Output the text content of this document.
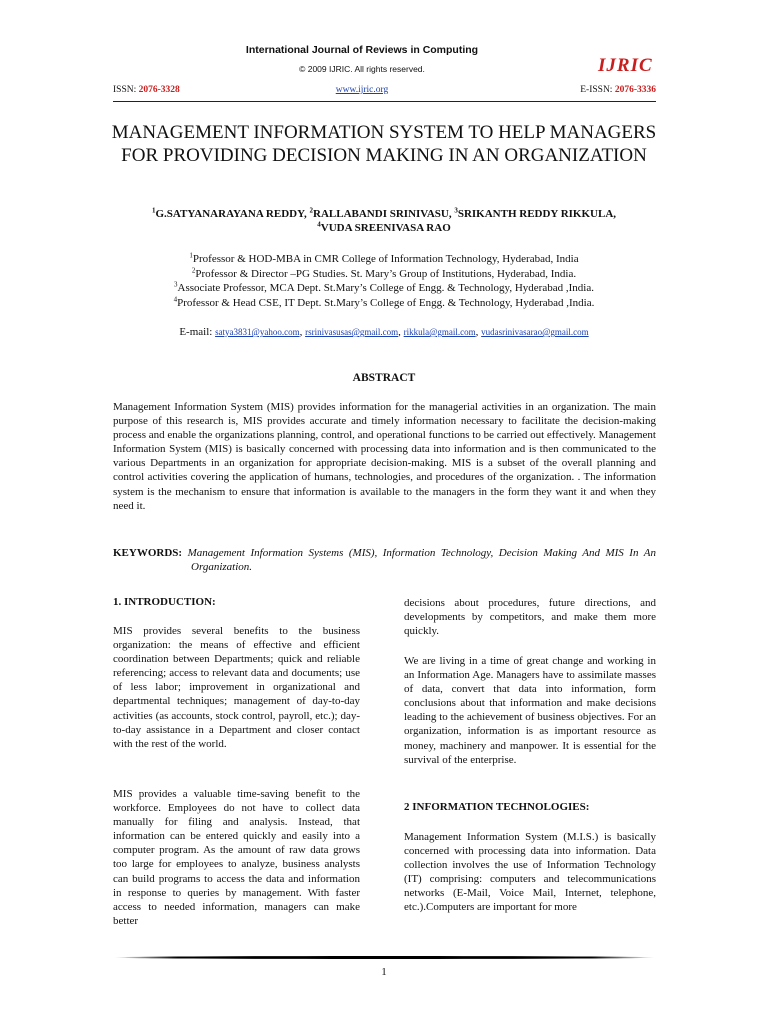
International Journal of Reviews in Computing
© 2009 IJRIC. All rights reserved.	IJRIC
ISSN: 2076-3328	www.ijric.org	E-ISSN: 2076-3336
MANAGEMENT INFORMATION SYSTEM TO HELP MANAGERS FOR PROVIDING DECISION MAKING IN AN ORGANIZATION
$^1$G.SATYANARAYANA REDDY, $^2$RALLABANDI SRINIVASU, $^3$SRIKANTH REDDY RIKKULA,
$^4$VUDA SREENIVASA RAO
$^1$Professor & HOD-MBA in CMR College of Information Technology, Hyderabad, India
$^2$Professor & Director –PG Studies. St. Mary’s Group of Institutions, Hyderabad, India.
$^3$Associate Professor, MCA Dept. St.Mary’s College of Engg. & Technology, Hyderabad ,India.
$^4$Professor & Head CSE, IT Dept. St.Mary’s College of Engg. & Technology, Hyderabad ,India.
E-mail: satya3831@yahoo.com, rsrinivasusas@gmail.com, rikkula@gmail.com, vudasrinivasarao@gmail.com
ABSTRACT
Management Information System (MIS) provides information for the managerial activities in an organization. The main purpose of this research is, MIS provides accurate and timely information necessary to facilitate the decision-making process and enable the organizations planning, control, and operational functions to be carried out effectively. Management Information System (MIS) is basically concerned with processing data into information and is then communicated to the various Departments in an organization for appropriate decision-making. MIS is a subset of the overall planning and control activities covering the application of humans, technologies, and procedures of the organization. . The information system is the mechanism to ensure that information is available to the managers in the form they want it and when they need it.
KEYWORDS: Management Information Systems (MIS), Information Technology, Decision Making And MIS In An Organization.
1. INTRODUCTION:
MIS provides several benefits to the business organization: the means of effective and efficient coordination between Departments; quick and reliable referencing; access to relevant data and documents; use of less labor; improvement in organizational and departmental techniques; management of day-to-day activities (as accounts, stock control, payroll, etc.); day-to-day assistance in a Department and closer contact with the rest of the world.
MIS provides a valuable time-saving benefit to the workforce. Employees do not have to collect data manually for filing and analysis. Instead, that information can be entered quickly and easily into a computer program. As the amount of raw data grows too large for employees to analyze, business analysts can build programs to access the data and information in response to queries by management. With faster access to needed information, managers can make better
decisions about procedures, future directions, and developments by competitors, and make them more quickly.
We are living in a time of great change and working in an Information Age. Managers have to assimilate masses of data, convert that data into information, form conclusions about that information and make decisions leading to the achievement of business objectives. For an organization, information is as important resource as money, machinery and manpower. It is essential for the survival of the enterprise.
2 INFORMATION TECHNOLOGIES:
Management Information System (M.I.S.) is basically concerned with processing data into information. Data collection involves the use of Information Technology (IT) comprising: computers and telecommunications networks (E-Mail, Voice Mail, Internet, telephone, etc.).Computers are important for more
1
